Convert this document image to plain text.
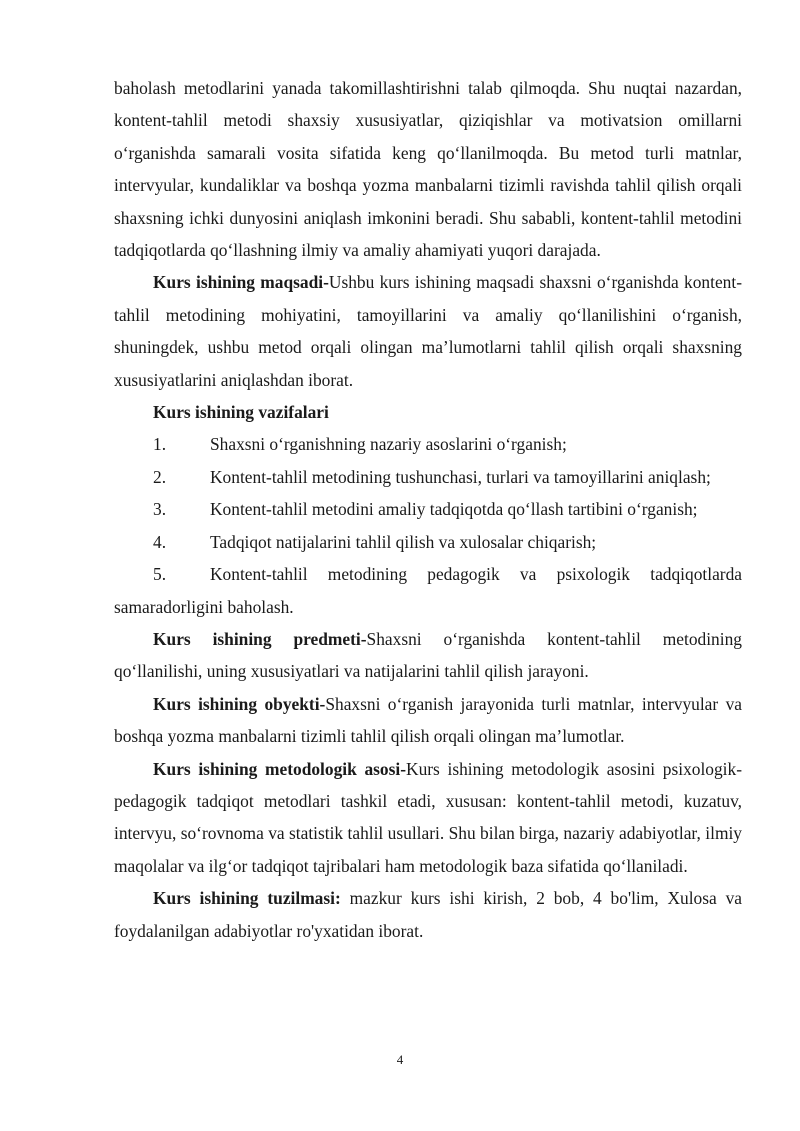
baholash metodlarini yanada takomillashtirishni talab qilmoqda. Shu nuqtai nazardan, kontent-tahlil metodi shaxsiy xususiyatlar, qiziqishlar va motivatsion omillarni oʻrganishda samarali vosita sifatida keng qoʻllanilmoqda. Bu metod turli matnlar, intervyular, kundaliklar va boshqa yozma manbalarni tizimli ravishda tahlil qilish orqali shaxsning ichki dunyosini aniqlash imkonini beradi. Shu sababli, kontent-tahlil metodini tadqiqotlarda qoʻllashning ilmiy va amaliy ahamiyati yuqori darajada.

Kurs ishining maqsadi-Ushbu kurs ishining maqsadi shaxsni oʻrganishda kontent-tahlil metodining mohiyatini, tamoyillarini va amaliy qoʻllanilishini oʻrganish, shuningdek, ushbu metod orqali olingan maʼlumotlarni tahlil qilish orqali shaxsning xususiyatlarini aniqlashdan iborat.

Kurs ishining vazifalari

1.	Shaxsni oʻrganishning nazariy asoslarini oʻrganish;

2.	Kontent-tahlil metodining tushunchasi, turlari va tamoyillarini aniqlash;

3.	Kontent-tahlil metodini amaliy tadqiqotda qoʻllash tartibini oʻrganish;

4.	Tadqiqot natijalarini tahlil qilish va xulosalar chiqarish;

5.	Kontent-tahlil metodining pedagogik va psixologik tadqiqotlarda samaradorligini baholash.

Kurs ishining predmeti-Shaxsni oʻrganishda kontent-tahlil metodining qoʻllanilishi, uning xususiyatlari va natijalarini tahlil qilish jarayoni.

Kurs ishining obyekti-Shaxsni oʻrganish jarayonida turli matnlar, intervyular va boshqa yozma manbalarni tizimli tahlil qilish orqali olingan maʼlumotlar.

Kurs ishining metodologik asosi-Kurs ishining metodologik asosini psixologik-pedagogik tadqiqot metodlari tashkil etadi, xususan: kontent-tahlil metodi, kuzatuv, intervyu, soʻrovnoma va statistik tahlil usullari. Shu bilan birga, nazariy adabiyotlar, ilmiy maqolalar va ilgʻor tadqiqot tajribalari ham metodologik baza sifatida qoʻllaniladi.

Kurs ishining tuzilmasi: mazkur kurs ishi kirish, 2 bob, 4 bo'lim, Xulosa va foydalanilgan adabiyotlar ro'yxatidan iborat.

4
